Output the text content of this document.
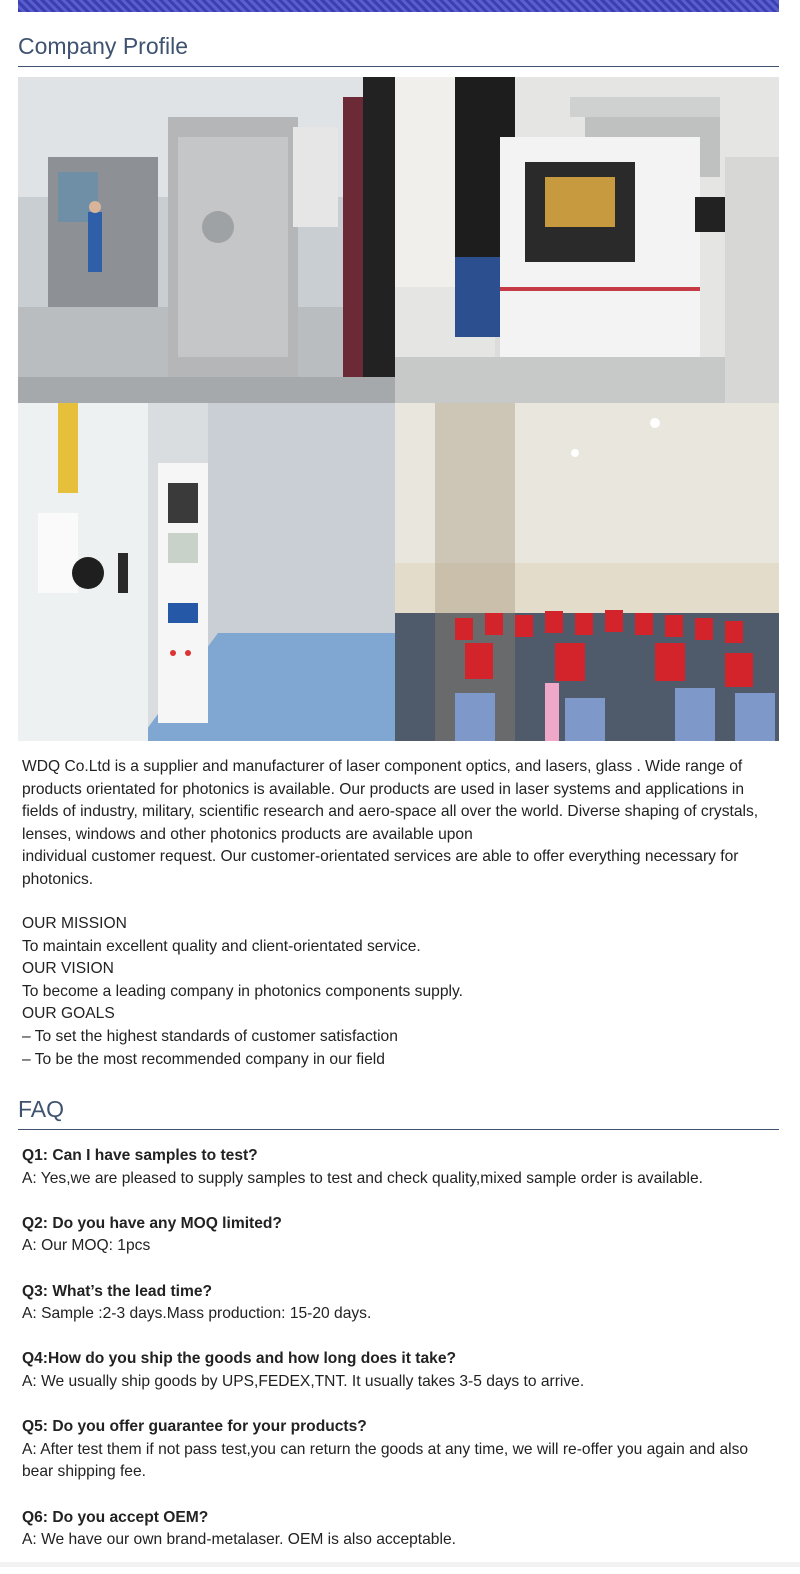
Company Profile

WDQ Co.Ltd is a supplier and manufacturer of laser component optics, and lasers, glass . Wide range of products orientated for photonics is available. Our products are used in laser systems and applications in fields of industry, military, scientific research and aero-space all over the world. Diverse shaping of crystals, lenses, windows and other photonics products are available upon

individual customer request. Our customer-orientated services are able to offer everything necessary for photonics.

OUR MISSION
To maintain excellent quality and client-orientated service.
OUR VISION
To become a leading company in photonics components supply.
OUR GOALS
– To set the highest standards of customer satisfaction
– To be the most recommended company in our field
FAQ
Q1: Can I have samples to test?
A: Yes,we are pleased to supply samples to test and check quality,mixed sample order is available.
Q2: Do you have any MOQ limited?
A: Our MOQ: 1pcs
Q3: What’s the lead time?
A: Sample :2-3 days.Mass production: 15-20 days.
Q4:How do you ship the goods and how long does it take?
A: We usually ship goods by UPS,FEDEX,TNT. It usually takes 3-5 days to arrive.
Q5: Do you offer guarantee for your products?
A: After test them if not pass test,you can return the goods at any time, we will re-offer you again and also bear shipping fee.
Q6: Do you accept OEM?
A: We have our own brand-metalaser. OEM is also acceptable.
